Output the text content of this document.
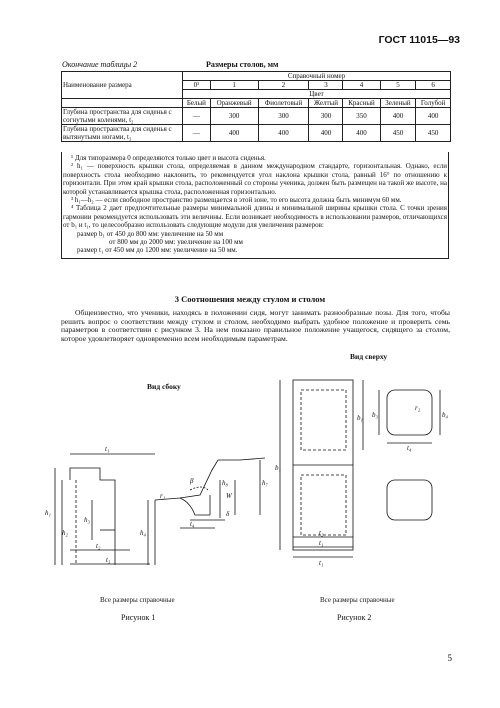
ГОСТ 11015—93
Окончание таблицы 2	Размеры столов, мм
Наименование размера	Справочный номер						
	0¹	1	2	3	4	5	6
	Цвет						
	Белый	Оранжевый	Фиолетовый	Желтый	Красный	Зеленый	Голубой
Глубина пространства для сиденья с согнутыми коленями, t₂	—	300	300	300	350	400	400
Глубина пространства для сиденья с вытянутыми ногами, t₃	—	400	400	400	400	450	450

¹ Для типоразмера 0 определяются только цвет и высота сиденья.

² h₁ — поверхность крышки стола, определяемая в данном международном стандарте, горизонтальная. Однако, если поверхность стола необходимо наклонить, то рекомендуется угол наклона крышки стола, равный 16° по отношению к горизонтали. При этом край крышки стола, расположенный со стороны ученика, должен быть размещен на такой же высоте, на которой устанавливается крышка стола, расположенная горизонтально.

³ h₁—h₂ — если свободное пространство размещается в этой зоне, то его высота должна быть минимум 60 мм.

⁴ Таблица 2 дает предпочтительные размеры минимальной длины и минимальной ширины крышки стола. С точки зрения гармонии рекомендуется использовать эти величины. Если возникает необходимость в использовании размеров, отличающихся от b₁ и t₁, то целесообразно использовать следующие модули для увеличения размеров:

размер b₁ от 450 до 800 мм: увеличение на 50 мм

от 800 мм до 2000 мм: увеличение на 100 мм

размер t₁ от 450 мм до 1200 мм: увеличение на 50 мм.

3 Соотношения между стулом и столом
Общеизвестно, что ученики, находясь в положении сидя, могут занимать разнообразные позы. Для того, чтобы решить вопрос о соответствии между стулом и столом, необходимо выбрать удобное положение и проверить семь параметров в соответствии с рисунком 3. На нем показано правильное положение учащегося, сидящего за столом, которое удовлетворяет одновременно всем необходимым параметрам.
Вид сверху
Вид сбоку
t₁
t₂
t₃
t₄
h₁
h₂
h₃
h₄
h₇
h₈
r₁
β
W
δ
b₁
b₁ b₃	b₄
r₂
t₄
t₂
t₁
t₁
Все размеры справочные	Все размеры справочные
Рисунок 1	Рисунок 2
5
